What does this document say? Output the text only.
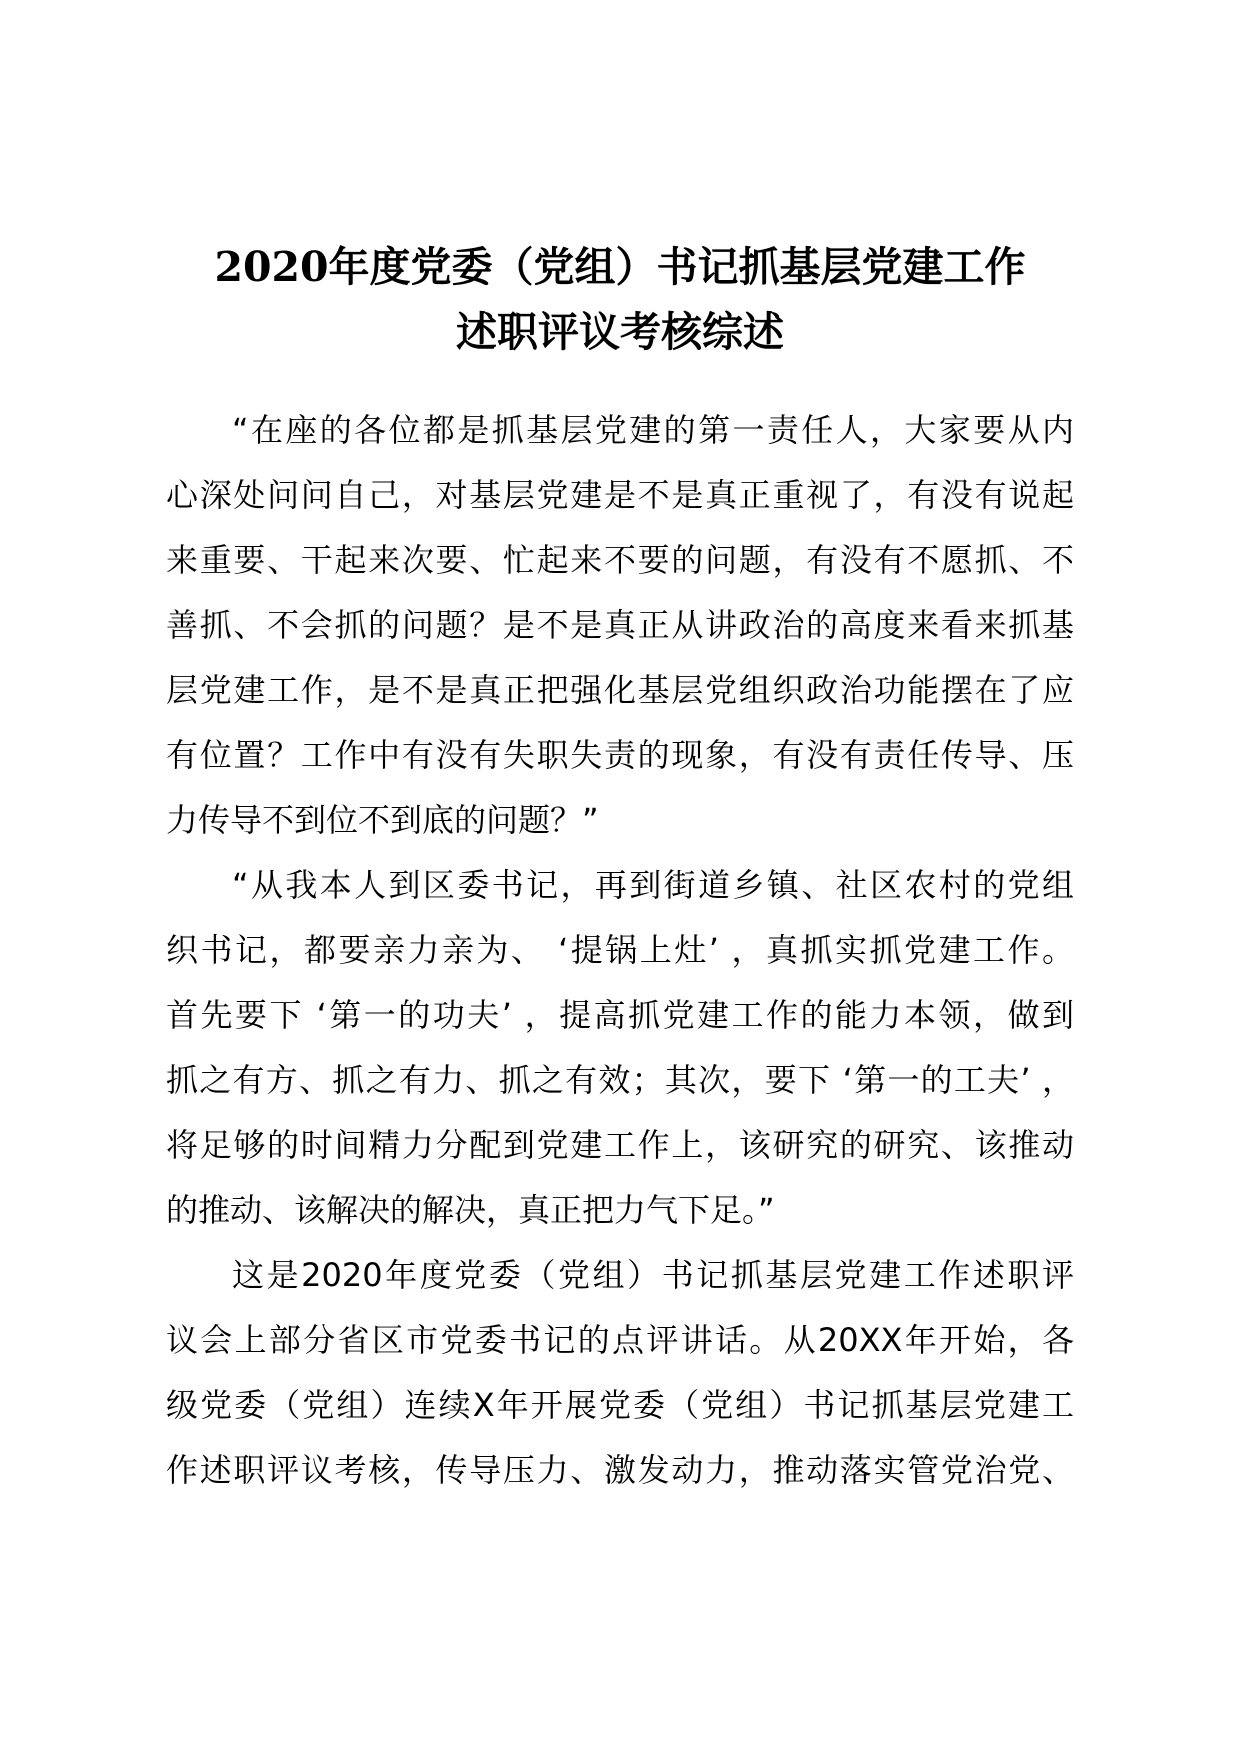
2020年度党委（党组）书记抓基层党建工作
述职评议考核综述
“在座的各位都是抓基层党建的第一责任人，大家要从内
心深处问问自己，对基层党建是不是真正重视了，有没有说起
来重要、干起来次要、忙起来不要的问题，有没有不愿抓、不
善抓、不会抓的问题？是不是真正从讲政治的高度来看来抓基
层党建工作，是不是真正把强化基层党组织政治功能摆在了应
有位置？工作中有没有失职失责的现象，有没有责任传导、压
力传导不到位不到底的问题？”
“从我本人到区委书记，再到街道乡镇、社区农村的党组
织书记，都要亲力亲为、 ‘提锅上灶’ ，真抓实抓党建工作。
首先要下 ‘第一的功夫’ ，提高抓党建工作的能力本领，做到
抓之有方、抓之有力、抓之有效；其次，要下 ‘第一的工夫’ ，
将足够的时间精力分配到党建工作上，该研究的研究、该推动
的推动、该解决的解决，真正把力气下足。”
这是2020年度党委（党组）书记抓基层党建工作述职评
议会上部分省区市党委书记的点评讲话。从20XX年开始，各
级党委（党组）连续X年开展党委（党组）书记抓基层党建工
作述职评议考核，传导压力、激发动力，推动落实管党治党、
